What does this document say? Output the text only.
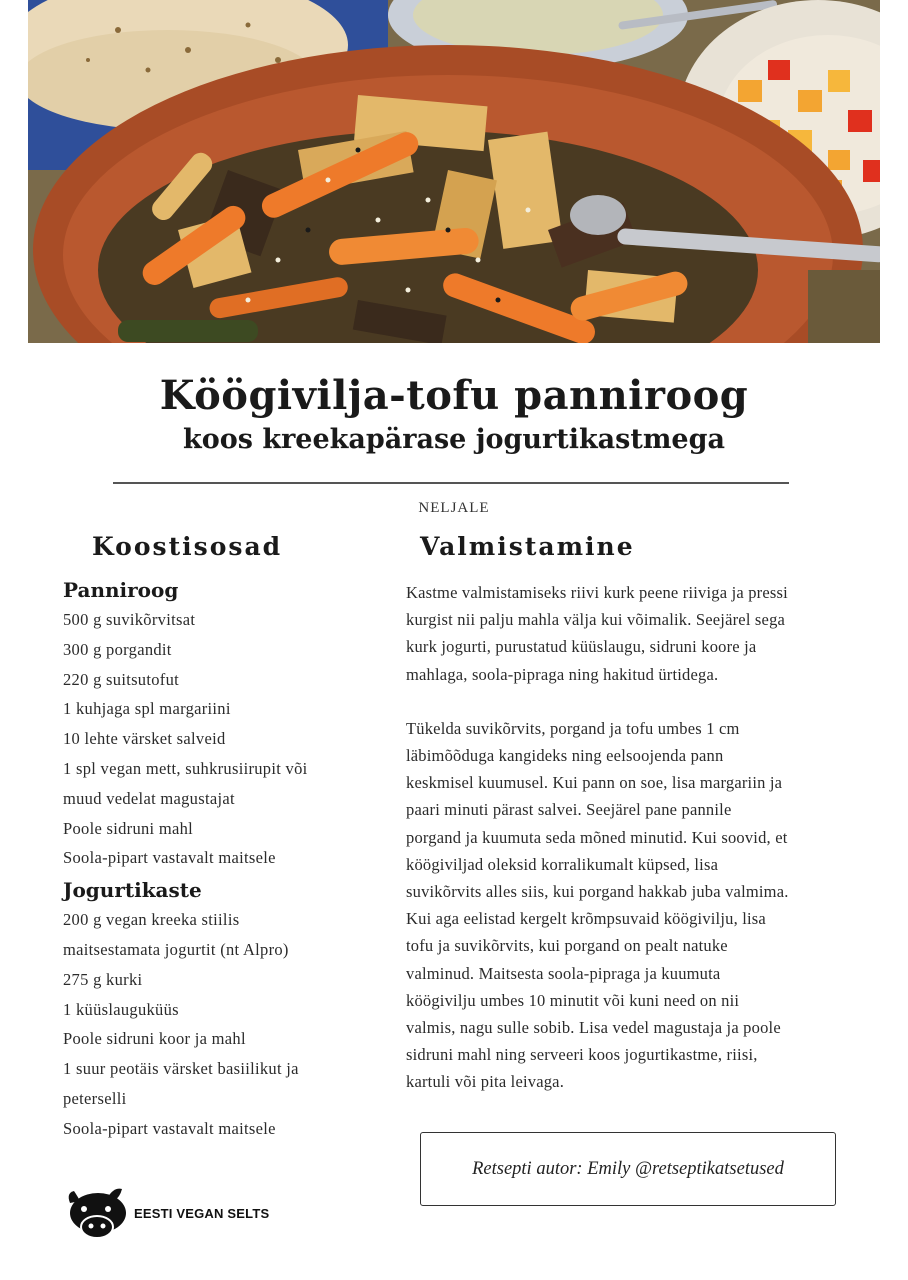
Köögivilja-tofu panniroog
koos kreekapärase jogurtikastmega
NELJALE
Koostisosad
Panniroog
500 g suvikõrvitsat
300 g porgandit
220 g suitsutofut
1 kuhjaga spl margariini
10 lehte värsket salveid
1 spl vegan mett, suhkrusiirupit või
muud vedelat magustajat
Poole sidruni mahl
Soola-pipart vastavalt maitsele
Jogurtikaste
200 g vegan kreeka stiilis
maitsestamata jogurtit (nt Alpro)
275 g kurki
1 küüslauguküüs
Poole sidruni koor ja mahl
1 suur peotäis värsket basiilikut ja
peterselli
Soola-pipart vastavalt maitsele
Valmistamine

Kastme valmistamiseks riivi kurk peene riiviga ja pressi

kurgist nii palju mahla välja kui võimalik. Seejärel sega

kurk jogurti, purustatud küüslaugu, sidruni koore ja

mahlaga, soola-pipraga ning hakitud ürtidega.

Tükelda suvikõrvits, porgand ja tofu umbes 1 cm

läbimõõduga kangideks ning eelsoojenda pann

keskmisel kuumusel. Kui pann on soe, lisa margariin ja

paari minuti pärast salvei. Seejärel pane pannile

porgand ja kuumuta seda mõned minutid. Kui soovid, et

köögiviljad oleksid korralikumalt küpsed, lisa

suvikõrvits alles siis, kui porgand hakkab juba valmima.

Kui aga eelistad kergelt krõmpsuvaid köögivilju, lisa

tofu ja suvikõrvits, kui porgand on pealt natuke

valminud. Maitsesta soola-pipraga ja kuumuta

köögivilju umbes 10 minutit või kuni need on nii

valmis, nagu sulle sobib. Lisa vedel magustaja ja poole

sidruni mahl ning serveeri koos jogurtikastme, riisi,

kartuli või pita leivaga.

Retsepti autor: Emily @retseptikatsetused
EESTI VEGAN SELTS
